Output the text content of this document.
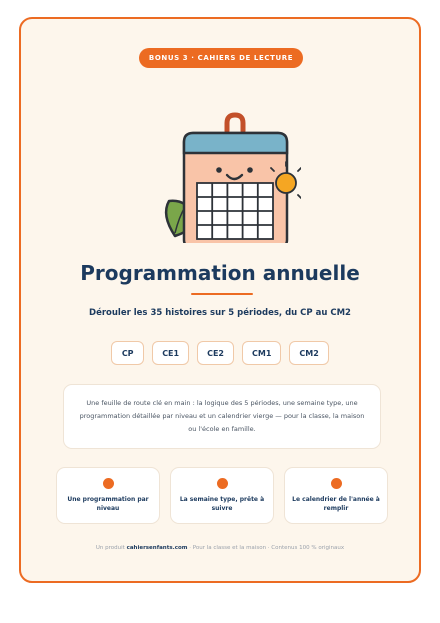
BONUS 3 · CAHIERS DE LECTURE
Programmation annuelle
Dérouler les 35 histoires sur 5 périodes, du CP au CM2
CP	CE1	CE2	CM1	CM2
Une feuille de route clé en main : la logique des 5 périodes, une semaine type, une programmation détaillée par niveau et un calendrier vierge — pour la classe, la maison ou l'école en famille.
Une programmation par niveau
La semaine type, prête à suivre
Le calendrier de l'année à remplir
Un produit cahiersenfants.com · Pour la classe et la maison · Contenus 100 % originaux
